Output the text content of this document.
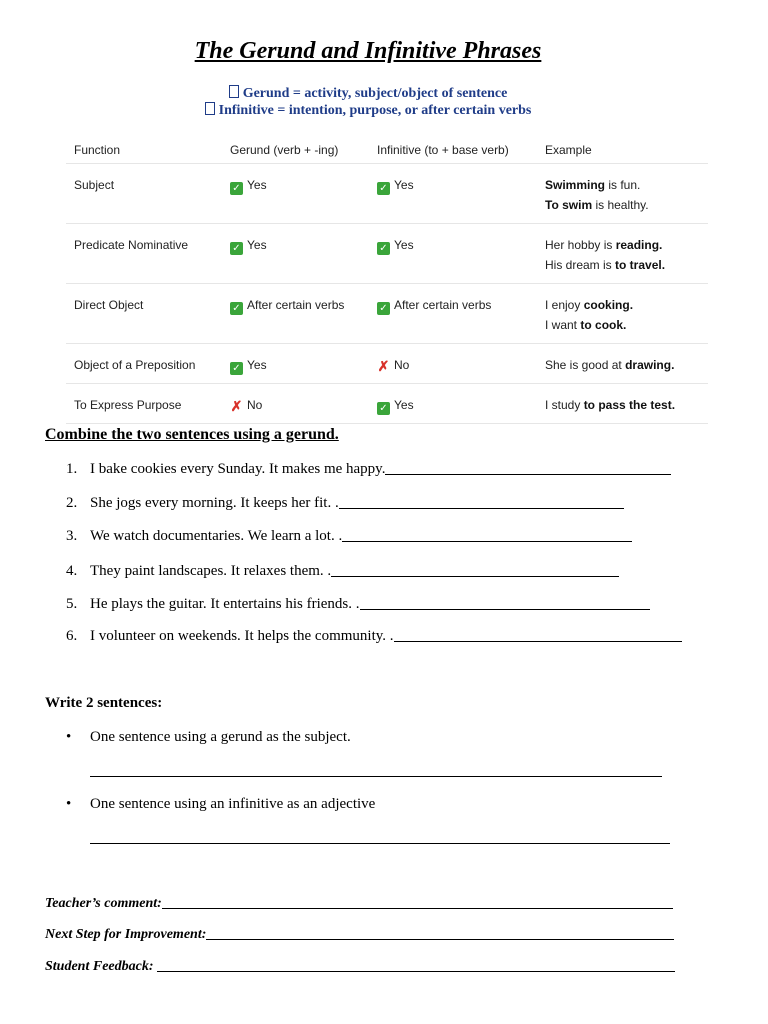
The Gerund and Infinitive Phrases
Gerund = activity, subject/object of sentence
Infinitive = intention, purpose, or after certain verbs
Function	Gerund (verb + -ing)	Infinitive (to + base verb)	Example
Subject	✓ Yes	✓ Yes	Swimming is fun.
To swim is healthy.
Predicate Nominative	✓ Yes	✓ Yes	Her hobby is reading.
His dream is to travel.
Direct Object	✓ After certain verbs	✓ After certain verbs	I enjoy cooking.
I want to cook.
Object of a Preposition	✓ Yes	✗ No	She is good at drawing.
To Express Purpose	✗ No	✓ Yes	I study to pass the test.
Combine the two sentences using a gerund.
1. I bake cookies every Sunday. It makes me happy.
2. She jogs every morning. It keeps her fit. .
3. We watch documentaries. We learn a lot. .
4. They paint landscapes. It relaxes them. .
5. He plays the guitar. It entertains his friends. .
6. I volunteer on weekends. It helps the community. .
Write 2 sentences:
• One sentence using a gerund as the subject.
• One sentence using an infinitive as an adjective
Teacher’s comment:
Next Step for Improvement:
Student Feedback:
